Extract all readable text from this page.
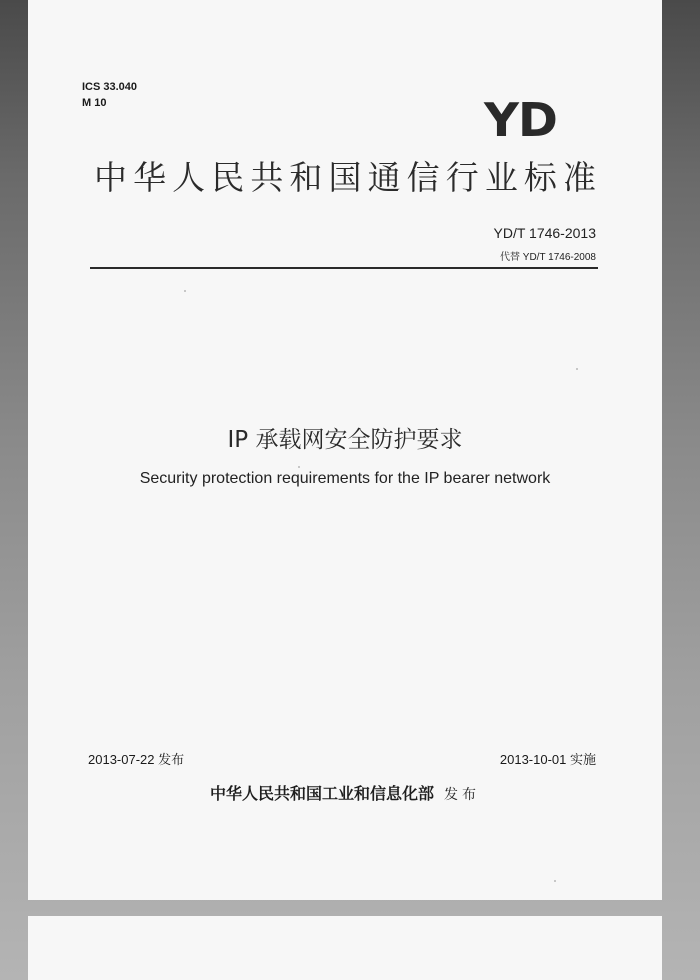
ICS 33.040
M 10	YD
中华人民共和国通信行业标准
YD/T 1746-2013
代替 YD/T 1746-2008
IP 承载网安全防护要求
Security protection requirements for the IP bearer network
2013-07-22 发布	2013-10-01 实施
中华人民共和国工业和信息化部 发布
